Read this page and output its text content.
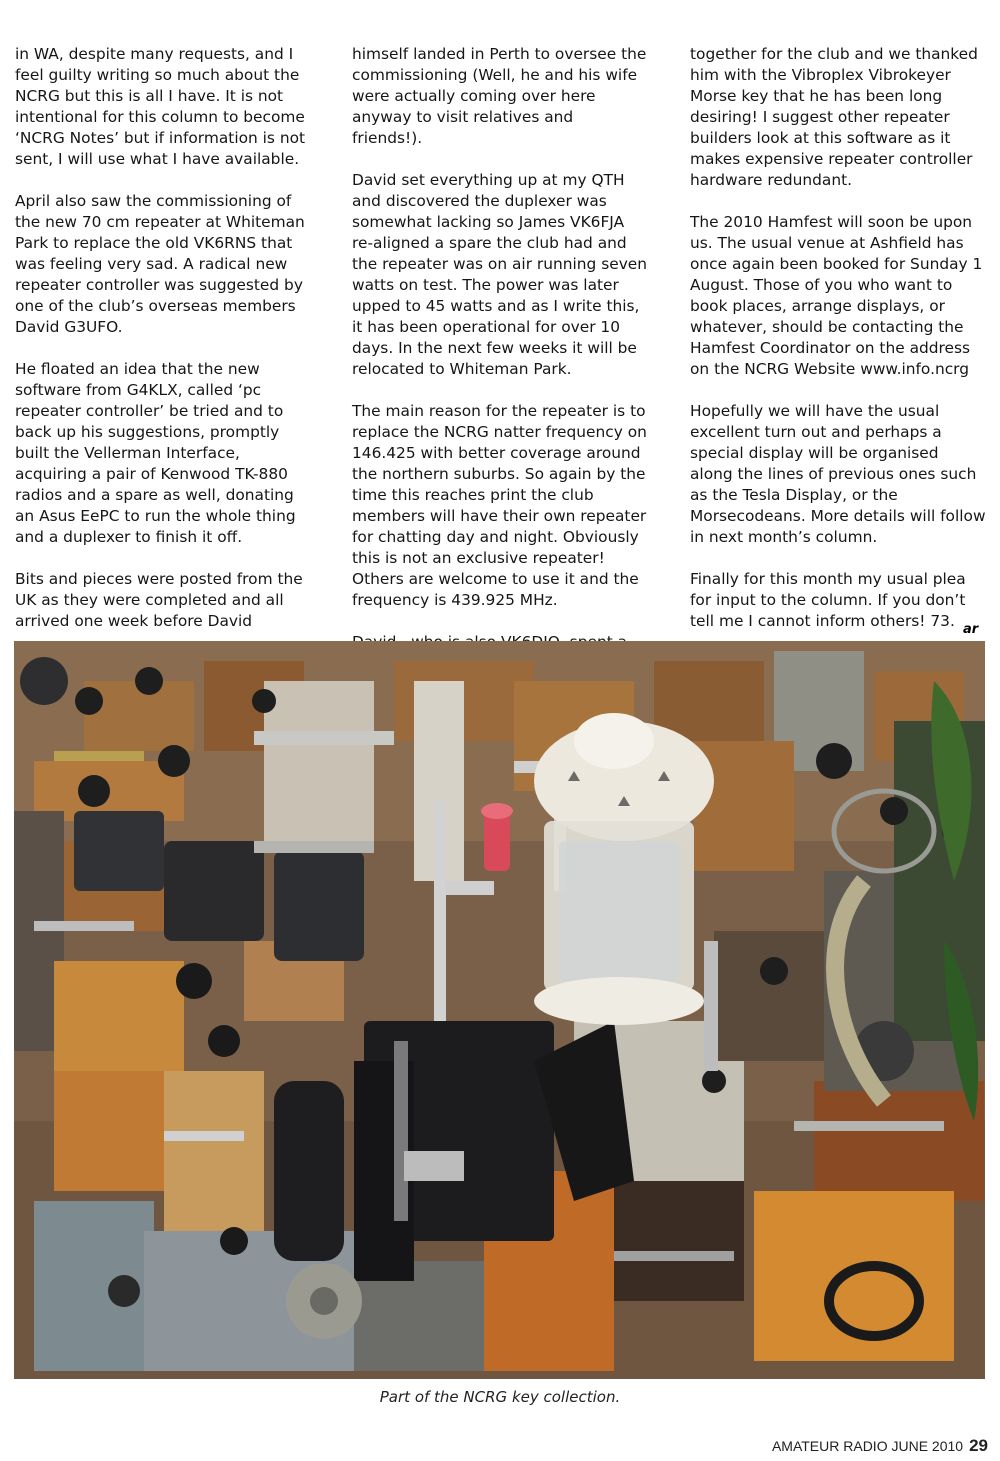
in WA, despite many requests, and I feel guilty writing so much about the NCRG but this is all I have. It is not intentional for this column to become ‘NCRG Notes’ but if information is not sent, I will use what I have available.

April also saw the commissioning of the new 70 cm repeater at Whiteman Park to replace the old VK6RNS that was feeling very sad. A radical new repeater controller was suggested by one of the club’s overseas members David G3UFO.

He floated an idea that the new software from G4KLX, called ‘pc repeater controller’ be tried and to back up his suggestions, promptly built the Vellerman Interface, acquiring a pair of Kenwood TK-880 radios and a spare as well, donating an Asus EePC to run the whole thing and a duplexer to finish it off.

Bits and pieces were posted from the UK as they were completed and all arrived one week before David

himself landed in Perth to oversee the commissioning (Well, he and his wife were actually coming over here anyway to visit relatives and friends!).

David set everything up at my QTH and discovered the duplexer was somewhat lacking so James VK6FJA re-aligned a spare the club had and the repeater was on air running seven watts on test. The power was later upped to 45 watts and as I write this, it has been operational for over 10 days. In the next few weeks it will be relocated to Whiteman Park.

The main reason for the repeater is to replace the NCRG natter frequency on 146.425 with better coverage around the northern suburbs. So again by the time this reaches print the club members will have their own repeater for chatting day and night. Obviously this is not an exclusive repeater! Others are welcome to use it and the frequency is 439.925 MHz.

together for the club and we thanked him with the Vibroplex Vibrokeyer Morse key that he has been long desiring! I suggest other repeater builders look at this software as it makes expensive repeater controller hardware redundant.

The 2010 Hamfest will soon be upon us. The usual venue at Ashfield has once again been booked for Sunday 1 August. Those of you who want to book places, arrange displays, or whatever, should be contacting the Hamfest Coordinator on the address on the NCRG Website www.info.ncrg

Hopefully we will have the usual excellent turn out and perhaps a special display will be organised along the lines of previous ones such as the Tesla Display, or the Morsecodeans. More details will follow in next month’s column.

Finally for this month my usual plea for input to the column. If you don’t tell me I cannot inform others! 73. ar
Part of the NCRG key collection.
AMATEUR RADIO JUNE 2010 29
